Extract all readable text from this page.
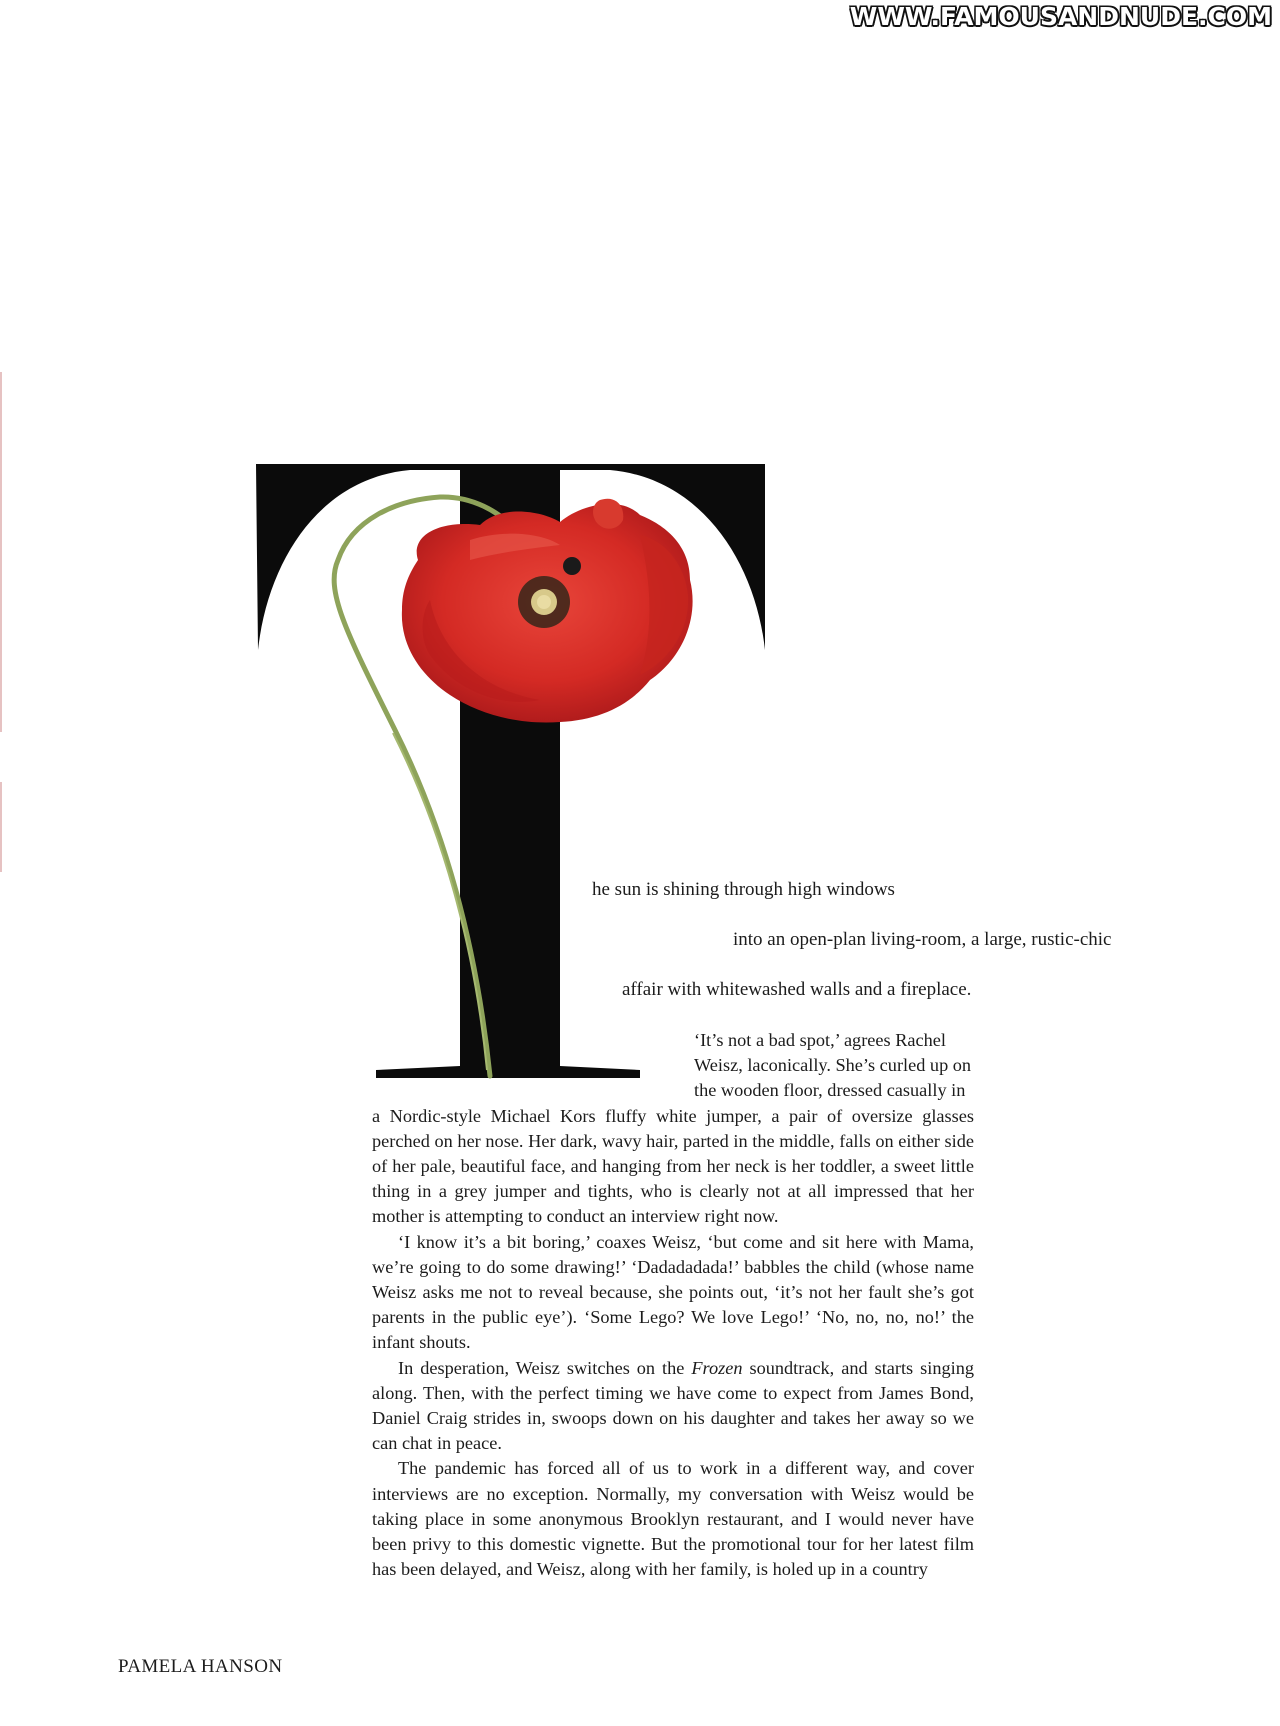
WWW.FAMOUSANDNUDE.COM
he sun is shining through high windows
into an open-plan living-room, a large, rustic-chic
affair with whitewashed walls and a fireplace.

‘It’s not a bad spot,’ agrees Rachel

Weisz, laconically. She’s curled up on

the wooden floor, dressed casually in

a Nordic-style Michael Kors fluffy white jumper, a pair of oversize glasses perched on her nose. Her dark, wavy hair, parted in the middle, falls on either side of her pale, beautiful face, and hanging from her neck is her toddler, a sweet little thing in a grey jumper and tights, who is clearly not at all impressed that her mother is attempting to conduct an interview right now.

‘I know it’s a bit boring,’ coaxes Weisz, ‘but come and sit here with Mama, we’re going to do some drawing!’ ‘Dadadadada!’ babbles the child (whose name Weisz asks me not to reveal because, she points out, ‘it’s not her fault she’s got parents in the public eye’). ‘Some Lego? We love Lego!’ ‘No, no, no, no!’ the infant shouts.

In desperation, Weisz switches on the Frozen soundtrack, and starts singing along. Then, with the perfect timing we have come to expect from James Bond, Daniel Craig strides in, swoops down on his daughter and takes her away so we can chat in peace.

The pandemic has forced all of us to work in a different way, and cover interviews are no exception. Normally, my conversation with Weisz would be taking place in some anonymous Brooklyn restaurant, and I would never have been privy to this domestic vignette. But the promotional tour for her latest film has been delayed, and Weisz, along with her family, is holed up in a country

PAMELA HANSON
